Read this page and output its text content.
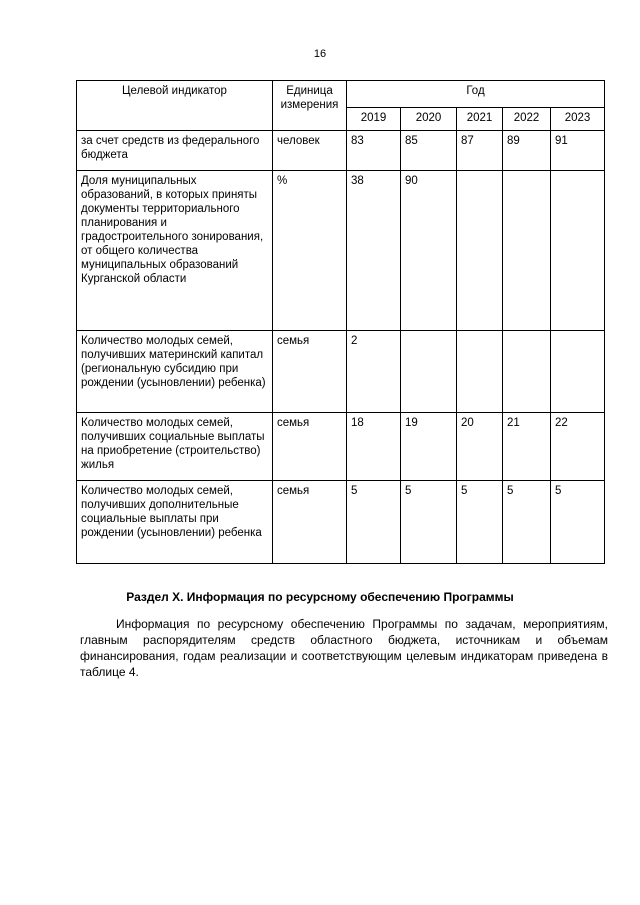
16
Целевой индикатор	Единица измерения	Год				
		2019	2020	2021	2022	2023
за счет средств из федерального бюджета	человек	83	85	87	89	91
Доля муниципальных образований, в которых приняты документы территориального планирования и градостроительного зонирования, от общего количества муниципальных образований Курганской области	%	38	90			
Количество молодых семей, получивших материнский капитал (региональную субсидию при рождении (усыновлении) ребенка)	семья	2				
Количество молодых семей, получивших социальные выплаты на приобретение (строительство) жилья	семья	18	19	20	21	22
Количество молодых семей, получивших дополнительные социальные выплаты при рождении (усыновлении) ребенка	семья	5	5	5	5	5
Раздел X. Информация по ресурсному обеспечению Программы

Информация по ресурсному обеспечению Программы по задачам, мероприятиям, главным распорядителям средств областного бюджета, источникам и объемам финансирования, годам реализации и соответствующим целевым индикаторам приведена в таблице 4.
